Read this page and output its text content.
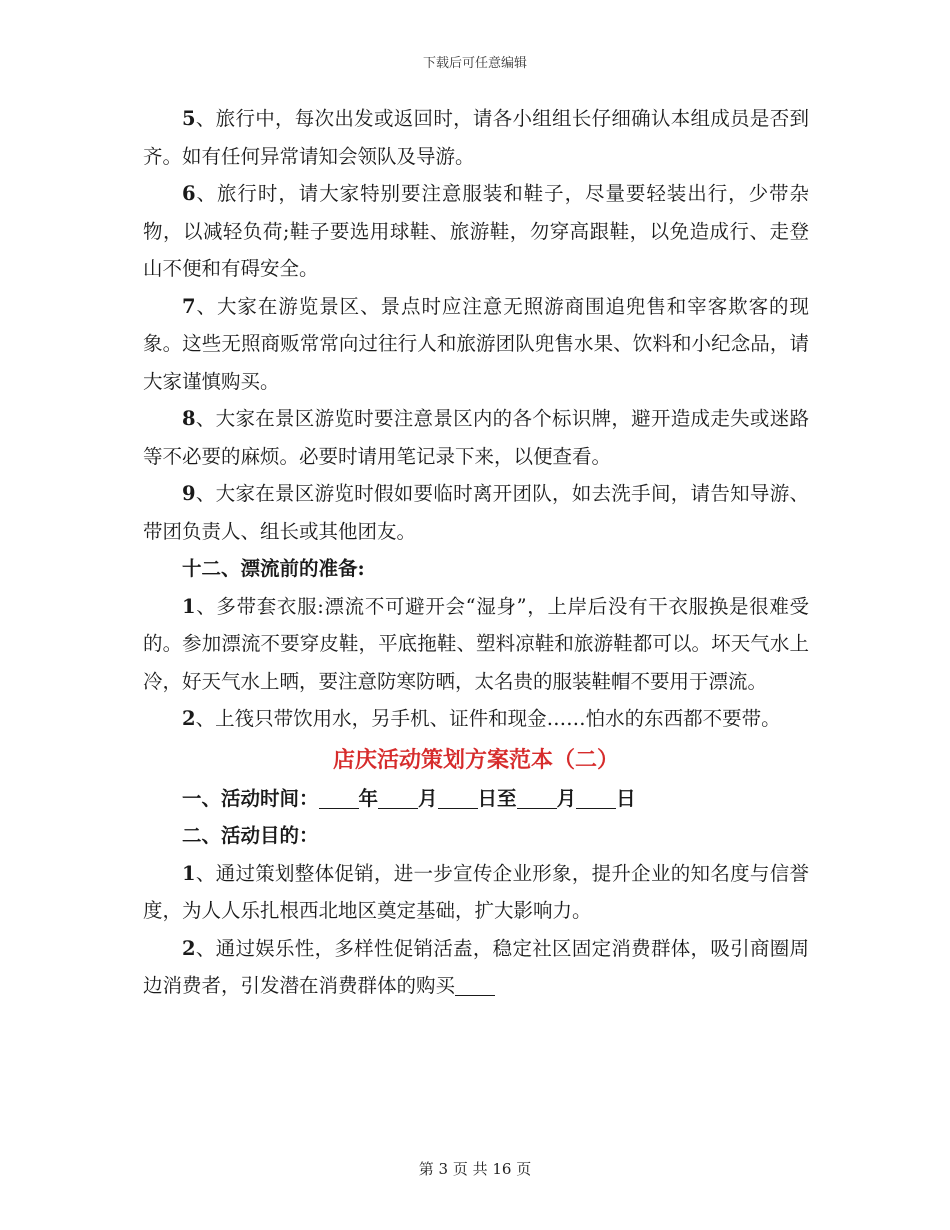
下载后可任意编辑

5、旅行中，每次出发或返回时，请各小组组长仔细确认本组成员是否到齐。如有任何异常请知会领队及导游。

6、旅行时，请大家特别要注意服装和鞋子，尽量要轻装出行，少带杂物，以减轻负荷;鞋子要选用球鞋、旅游鞋，勿穿高跟鞋，以免造成行、走登山不便和有碍安全。

7、大家在游览景区、景点时应注意无照游商围追兜售和宰客欺客的现象。这些无照商贩常常向过往行人和旅游团队兜售水果、饮料和小纪念品，请大家谨慎购买。

8、大家在景区游览时要注意景区内的各个标识牌，避开造成走失或迷路等不必要的麻烦。必要时请用笔记录下来，以便查看。

9、大家在景区游览时假如要临时离开团队，如去洗手间，请告知导游、带团负责人、组长或其他团友。

十二、漂流前的准备:

1、多带套衣服:漂流不可避开会“湿身”，上岸后没有干衣服换是很难受的。参加漂流不要穿皮鞋，平底拖鞋、塑料凉鞋和旅游鞋都可以。坏天气水上冷，好天气水上晒，要注意防寒防晒，太名贵的服装鞋帽不要用于漂流。

2、上筏只带饮用水，另手机、证件和现金……怕水的东西都不要带。

店庆活动策划方案范本（二）

一、活动时间： 年 月 日至 月 日

二、活动目的：

1、通过策划整体促销，进一步宣传企业形象，提升企业的知名度与信誉度，为人人乐扎根西北地区奠定基础，扩大影响力。

2、通过娱乐性，多样性促销活盍，稳定社区固定消费群体，吸引商圈周边消费者，引发潜在消费群体的购买

第 3 页 共 16 页
